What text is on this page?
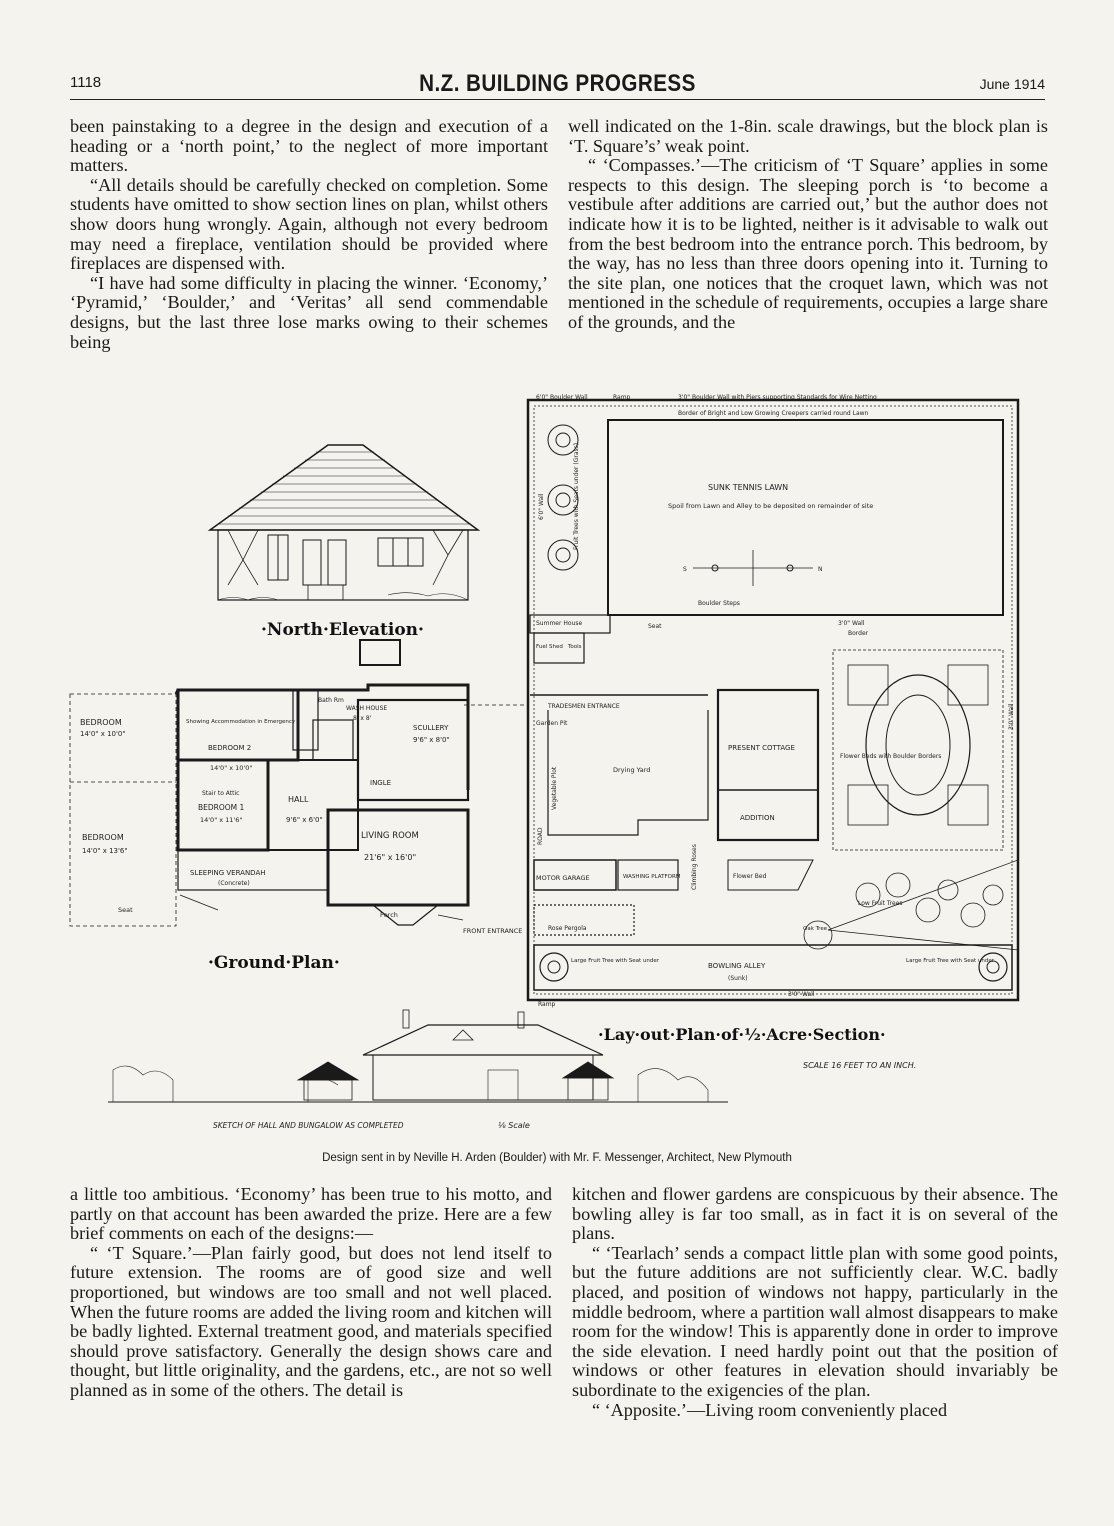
1118	N.Z. BUILDING PROGRESS	June 1914

been painstaking to a degree in the design and execution of a heading or a ‘north point,’ to the neglect of more important matters.

“All details should be carefully checked on completion. Some students have omitted to show section lines on plan, whilst others show doors hung wrongly. Again, although not every bedroom may need a fireplace, ventilation should be provided where fireplaces are dispensed with.

“I have had some difficulty in placing the winner. ‘Economy,’ ‘Pyramid,’ ‘Boulder,’ and ‘Veritas’ all send commendable designs, but the last three lose marks owing to their schemes being

well indicated on the 1-8in. scale drawings, but the block plan is ‘T. Square’s’ weak point.

“ ‘Compasses.’—The criticism of ‘T Square’ applies in some respects to this design. The sleeping porch is ‘to become a vestibule after additions are carried out,’ but the author does not indicate how it is to be lighted, neither is it advisable to walk out from the best bedroom into the entrance porch. This bedroom, by the way, has no less than three doors opening into it. Turning to the site plan, one notices that the croquet lawn, which was not mentioned in the schedule of requirements, occupies a large share of the grounds, and the

·North·Elevation·
BEDROOM
14'0" x 10'0"
BEDROOM
14'0" x 13'6"
Showing Accommodation in Emergency
BEDROOM 2
14'0" x 10'0"
Stair to Attic
BEDROOM 1
14'0" x 11'6"
HALL
9'6" x 6'0"
Bath Rm
INGLE
LIVING ROOM
21'6" x 16'0"
WASH HOUSE
8' x 8'
SCULLERY
9'6" x 8'0"
SLEEPING VERANDAH
(Concrete)
Seat
Porch
FRONT ENTRANCE
·Ground·Plan·
6'0" Boulder Wall	Ramp	3'0" Boulder Wall with Piers supporting Standards for Wire Netting
Border of Bright and Low Growing Creepers carried round Lawn
SUNK TENNIS LAWN
Spoil from Lawn and Alley to be deposited on remainder of site
S	N
Summer House
Boulder Steps
Seat	3'0" Wall
Border
Fuel Shed Tools
TRADESMEN ENTRANCE
Garden Pit
Drying Yard
PRESENT COTTAGE
Flower Beds with Boulder Borders
ADDITION
MOTOR GARAGE	WASHING PLATFORM	Flower Bed
Low Fruit Trees
Rose Pergola	Oak Tree
Large Fruit Tree with Seat under
BOWLING ALLEY
(Sunk)
Large Fruit Tree with Seat under
3'0" Wall
Ramp
6'0" Wall	Fruit Trees with Seats under (Grass)
ROAD
Vegetable Plot
Climbing Roses
3'0" Wall
·Lay·out·Plan·of·½·Acre·Section·
SCALE 16 FEET TO AN INCH.
SKETCH OF HALL AND BUNGALOW AS COMPLETED	⅛ Scale
Design sent in by Neville H. Arden (Boulder) with Mr. F. Messenger, Architect, New Plymouth

a little too ambitious. ‘Economy’ has been true to his motto, and partly on that account has been awarded the prize. Here are a few brief comments on each of the designs:—

“ ‘T Square.’—Plan fairly good, but does not lend itself to future extension. The rooms are of good size and well proportioned, but windows are too small and not well placed. When the future rooms are added the living room and kitchen will be badly lighted. External treatment good, and materials specified should prove satisfactory. Generally the design shows care and thought, but little originality, and the gardens, etc., are not so well planned as in some of the others. The detail is

kitchen and flower gardens are conspicuous by their absence. The bowling alley is far too small, as in fact it is on several of the plans.

“ ‘Tearlach’ sends a compact little plan with some good points, but the future additions are not sufficiently clear. W.C. badly placed, and position of windows not happy, particularly in the middle bedroom, where a partition wall almost disappears to make room for the window! This is apparently done in order to improve the side elevation. I need hardly point out that the position of windows or other features in elevation should invariably be subordinate to the exigencies of the plan.

“ ‘Apposite.’—Living room conveniently placed
